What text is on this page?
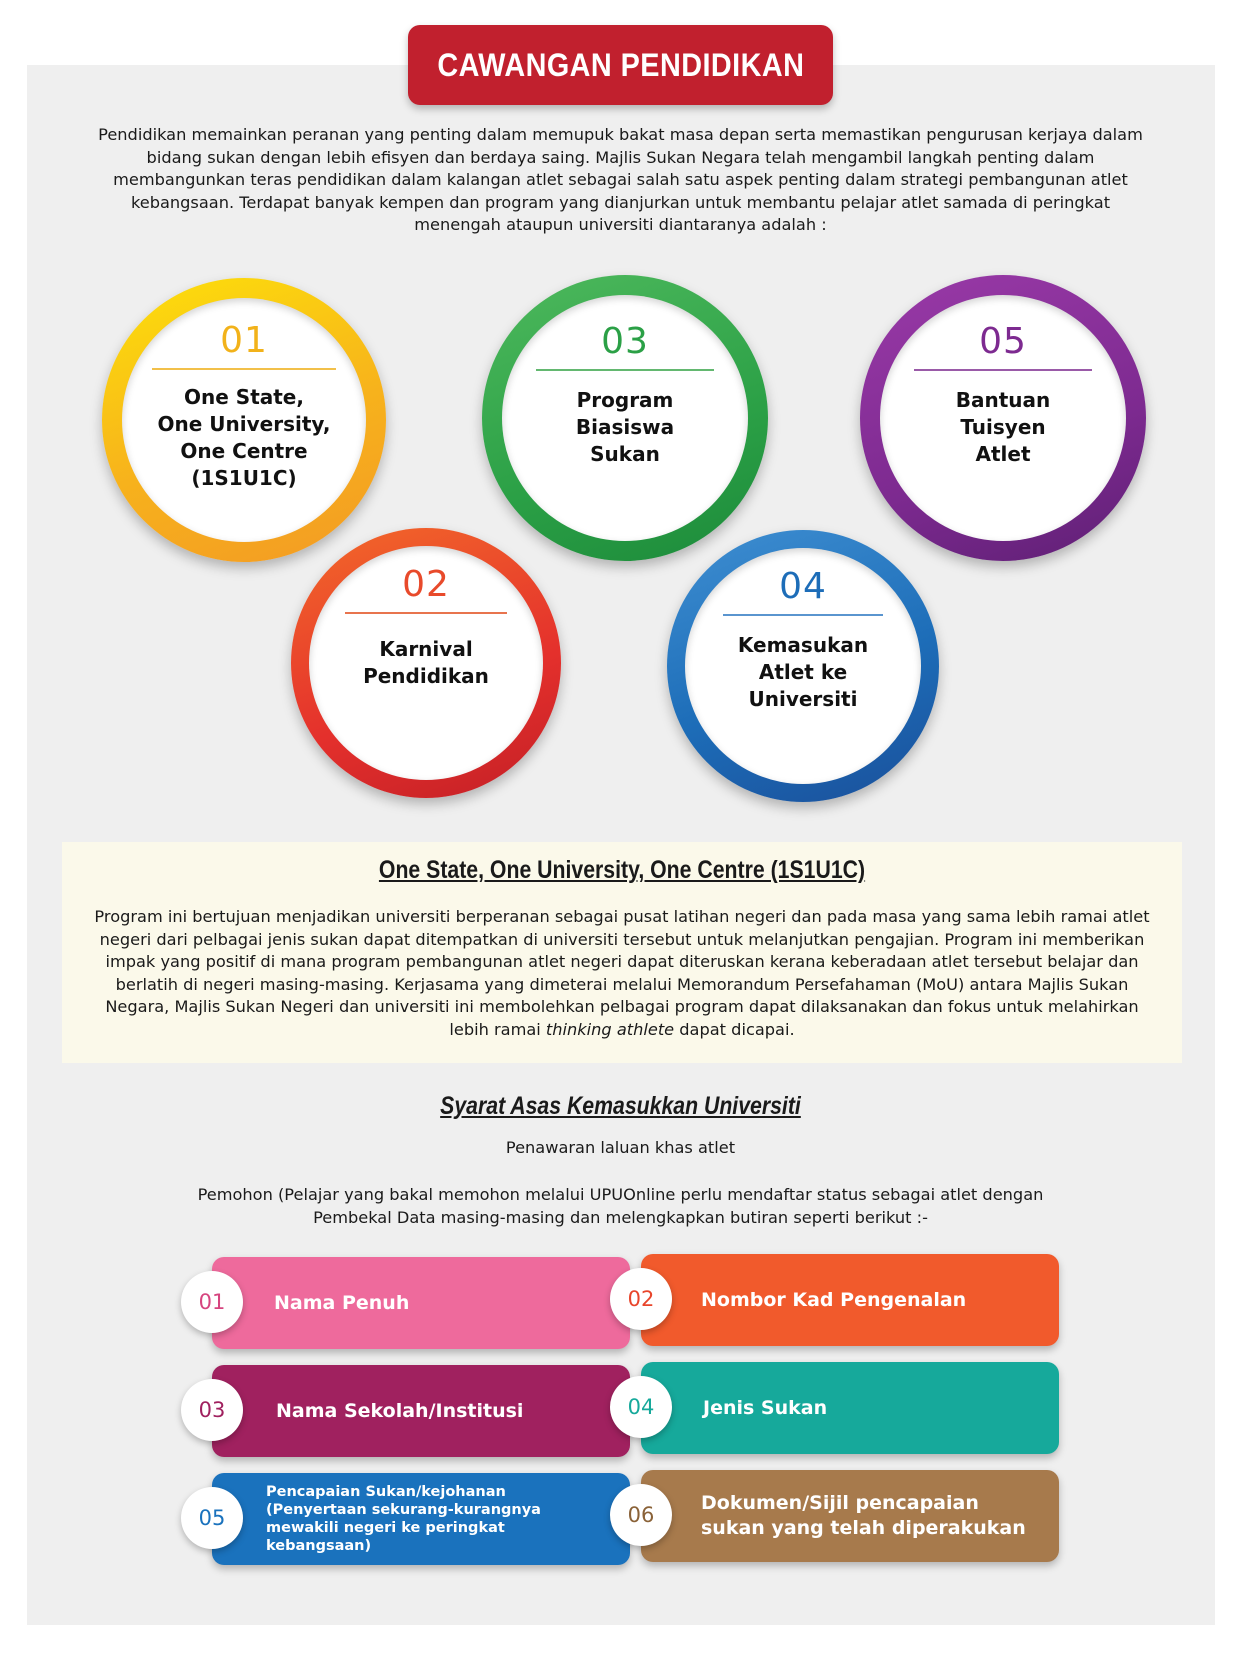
CAWANGAN PENDIDIKAN

Pendidikan memainkan peranan yang penting dalam memupuk bakat masa depan serta memastikan pengurusan kerjaya dalam bidang sukan dengan lebih efisyen dan berdaya saing. Majlis Sukan Negara telah mengambil langkah penting dalam membangunkan teras pendidikan dalam kalangan atlet sebagai salah satu aspek penting dalam strategi pembangunan atlet kebangsaan. Terdapat banyak kempen dan program yang dianjurkan untuk membantu pelajar atlet samada di peringkat menengah ataupun universiti diantaranya adalah :

01
One State,
One University,
One Centre
(1S1U1C)
02
Karnival
Pendidikan
03
Program
Biasiswa
Sukan
04
Kemasukan
Atlet ke
Universiti
05
Bantuan
Tuisyen
Atlet
One State, One University, One Centre (1S1U1C)

Program ini bertujuan menjadikan universiti berperanan sebagai pusat latihan negeri dan pada masa yang sama lebih ramai atlet negeri dari pelbagai jenis sukan dapat ditempatkan di universiti tersebut untuk melanjutkan pengajian. Program ini memberikan impak yang positif di mana program pembangunan atlet negeri dapat diteruskan kerana keberadaan atlet tersebut belajar dan berlatih di negeri masing-masing. Kerjasama yang dimeterai melalui Memorandum Persefahaman (MoU) antara Majlis Sukan Negara, Majlis Sukan Negeri dan universiti ini membolehkan pelbagai program dapat dilaksanakan dan fokus untuk melahirkan lebih ramai thinking athlete dapat dicapai.

Syarat Asas Kemasukkan Universiti
Penawaran laluan khas atlet

Pemohon (Pelajar yang bakal memohon melalui UPUOnline perlu mendaftar status sebagai atlet dengan Pembekal Data masing-masing dan melengkapkan butiran seperti berikut :-

Nama Penuh
01
Nama Sekolah/Institusi
03
Pencapaian Sukan/kejohanan (Penyertaan sekurang-kurangnya mewakili negeri ke peringkat kebangsaan)
05
Nombor Kad Pengenalan
02
Jenis Sukan
04
Dokumen/Sijil pencapaian sukan yang telah diperakukan
06
